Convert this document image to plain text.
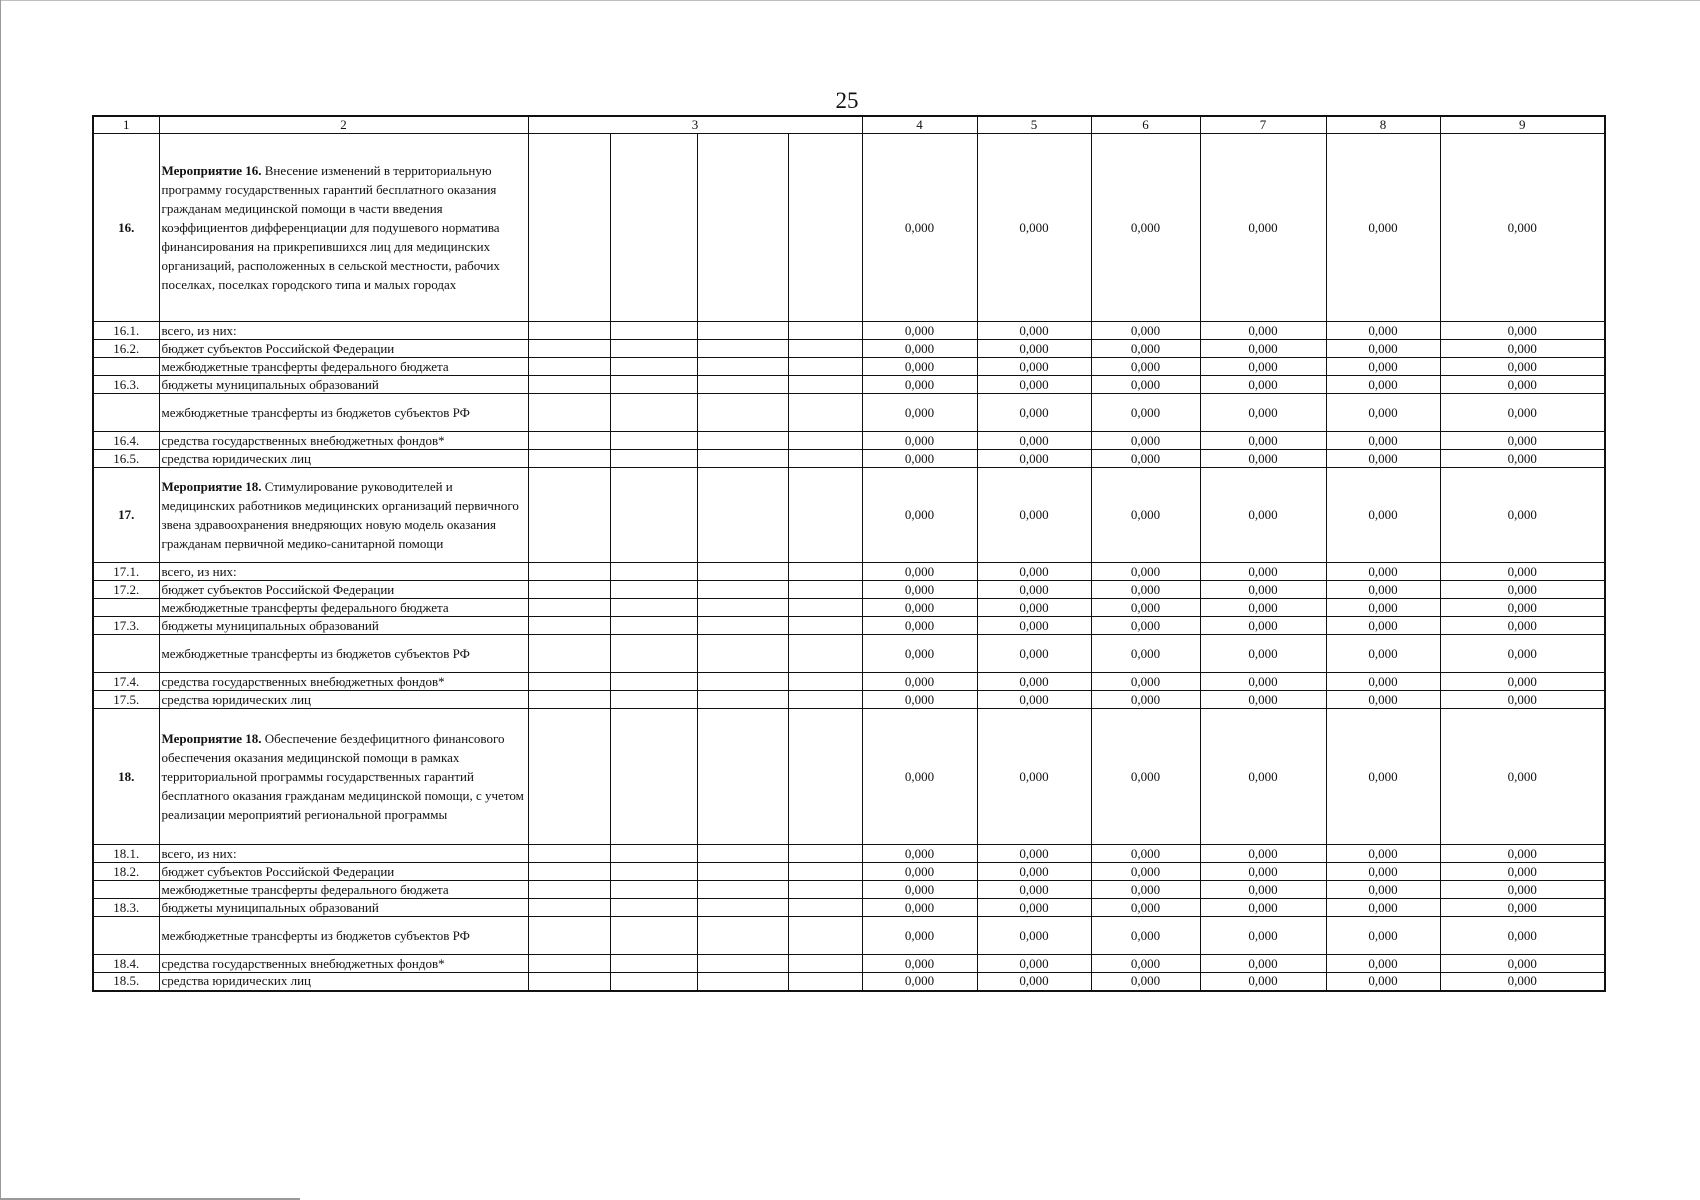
25
1	2	3				4	5	6	7	8	9
16.	Мероприятие 16. Внесение изменений в территориальную программу государственных гарантий бесплатного оказания гражданам медицинской помощи в части введения коэффициентов дифференциации для подушевого норматива финансирования на прикрепившихся лиц для медицинских организаций, расположенных в сельской местности, рабочих поселках, поселках городского типа и малых городах					0,000	0,000	0,000	0,000	0,000	0,000
16.1.	всего, из них:					0,000	0,000	0,000	0,000	0,000	0,000
16.2.	бюджет субъектов Российской Федерации					0,000	0,000	0,000	0,000	0,000	0,000
	межбюджетные трансферты федерального бюджета					0,000	0,000	0,000	0,000	0,000	0,000
16.3.	бюджеты муниципальных образований					0,000	0,000	0,000	0,000	0,000	0,000
	межбюджетные трансферты из бюджетов субъектов РФ					0,000	0,000	0,000	0,000	0,000	0,000
16.4.	средства государственных внебюджетных фондов*					0,000	0,000	0,000	0,000	0,000	0,000
16.5.	средства юридических лиц					0,000	0,000	0,000	0,000	0,000	0,000
17.	Мероприятие 18. Стимулирование руководителей и медицинских работников медицинских организаций первичного звена здравоохранения внедряющих новую модель оказания гражданам первичной медико-санитарной помощи					0,000	0,000	0,000	0,000	0,000	0,000
17.1.	всего, из них:					0,000	0,000	0,000	0,000	0,000	0,000
17.2.	бюджет субъектов Российской Федерации					0,000	0,000	0,000	0,000	0,000	0,000
	межбюджетные трансферты федерального бюджета					0,000	0,000	0,000	0,000	0,000	0,000
17.3.	бюджеты муниципальных образований					0,000	0,000	0,000	0,000	0,000	0,000
	межбюджетные трансферты из бюджетов субъектов РФ					0,000	0,000	0,000	0,000	0,000	0,000
17.4.	средства государственных внебюджетных фондов*					0,000	0,000	0,000	0,000	0,000	0,000
17.5.	средства юридических лиц					0,000	0,000	0,000	0,000	0,000	0,000
18.	Мероприятие 18. Обеспечение бездефицитного финансового обеспечения оказания медицинской помощи в рамках территориальной программы государственных гарантий бесплатного оказания гражданам медицинской помощи, с учетом реализации мероприятий региональной программы					0,000	0,000	0,000	0,000	0,000	0,000
18.1.	всего, из них:					0,000	0,000	0,000	0,000	0,000	0,000
18.2.	бюджет субъектов Российской Федерации					0,000	0,000	0,000	0,000	0,000	0,000
	межбюджетные трансферты федерального бюджета					0,000	0,000	0,000	0,000	0,000	0,000
18.3.	бюджеты муниципальных образований					0,000	0,000	0,000	0,000	0,000	0,000
	межбюджетные трансферты из бюджетов субъектов РФ					0,000	0,000	0,000	0,000	0,000	0,000
18.4.	средства государственных внебюджетных фондов*					0,000	0,000	0,000	0,000	0,000	0,000
18.5.	средства юридических лиц					0,000	0,000	0,000	0,000	0,000	0,000
